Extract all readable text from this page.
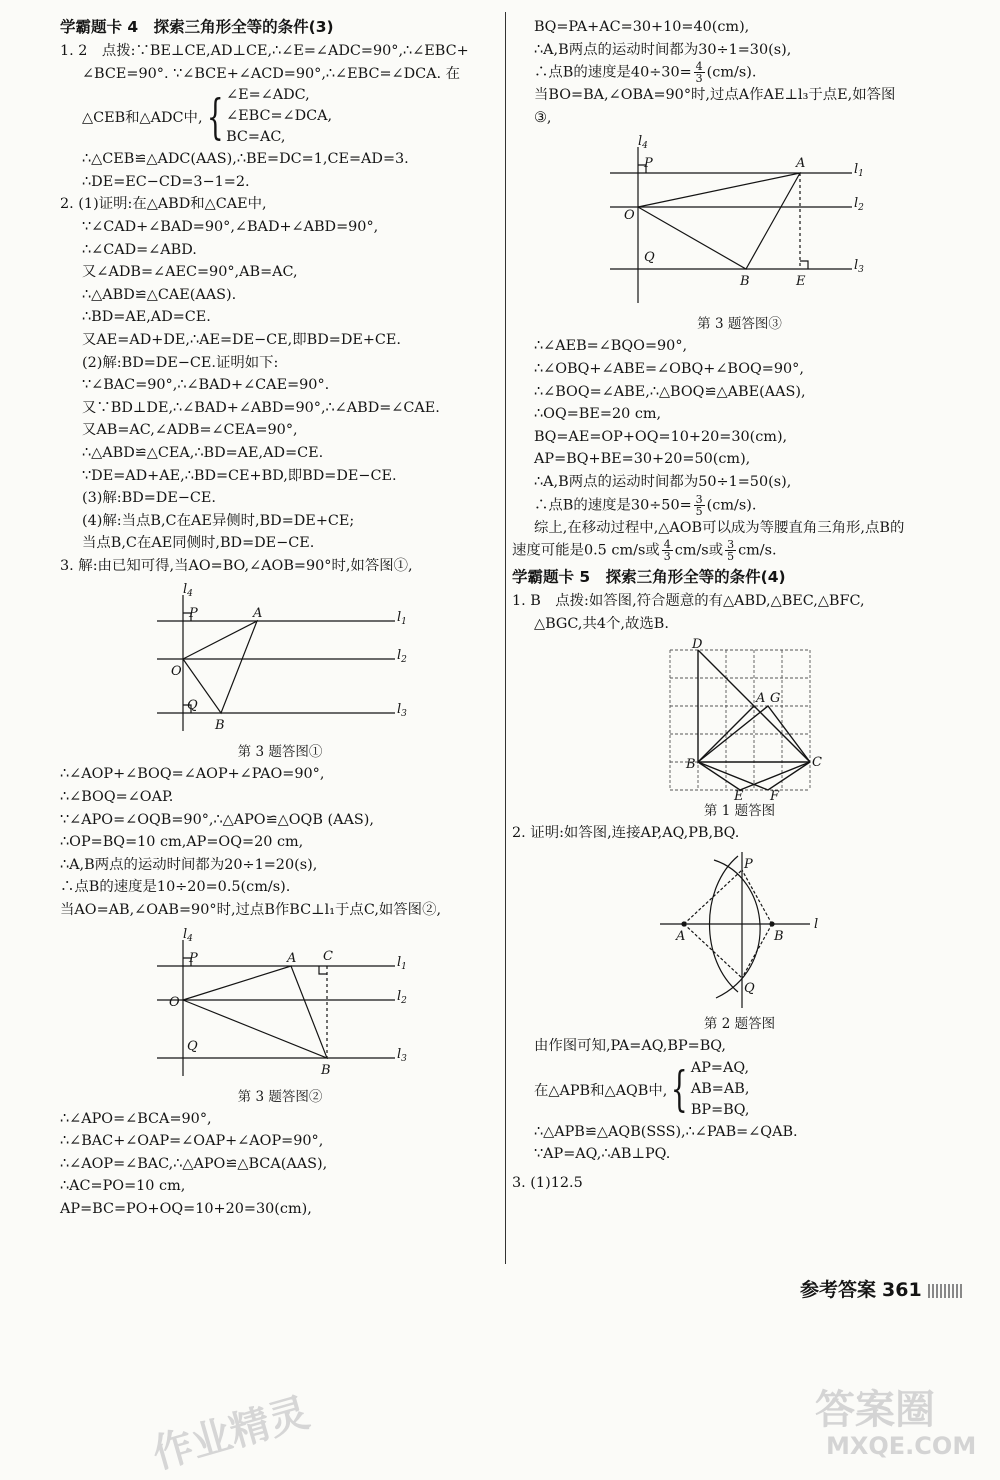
学霸题卡 4　探索三角形全等的条件(3)
1. 2　点拨:∵BE⊥CE,AD⊥CE,∴∠E=∠ADC=90°,∴∠EBC+
∠BCE=90°. ∵∠BCE+∠ACD=90°,∴∠EBC=∠DCA. 在
△CEB和△ADC中, { ∠E=∠ADC,
∠EBC=∠DCA,
BC=AC,
∴△CEB≌△ADC(AAS),∴BE=DC=1,CE=AD=3.
∴DE=EC−CD=3−1=2.
2. (1)证明:在△ABD和△CAE中,
∵∠CAD+∠BAD=90°,∠BAD+∠ABD=90°,
∴∠CAD=∠ABD.
又∠ADB=∠AEC=90°,AB=AC,
∴△ABD≌△CAE(AAS).
∴BD=AE,AD=CE.
又AE=AD+DE,∴AE=DE−CE,即BD=DE+CE.
(2)解:BD=DE−CE.证明如下:
∵∠BAC=90°,∴∠BAD+∠CAE=90°.
又∵BD⊥DE,∴∠BAD+∠ABD=90°,∴∠ABD=∠CAE.
又AB=AC,∠ADB=∠CEA=90°,
∴△ABD≌△CEA,∴BD=AE,AD=CE.
∵DE=AD+AE,∴BD=CE+BD,即BD=DE−CE.
(3)解:BD=DE−CE.
(4)解:当点B,C在AE异侧时,BD=DE+CE;
当点B,C在AE同侧时,BD=DE−CE.
3. 解:由已知可得,当AO=BO,∠AOB=90°时,如答图①,
$l_4$
$l_1$
$l_2$
$l_3$
P	A
O
Q
B
第 3 题答图①
∴∠AOP+∠BOQ=∠AOP+∠PAO=90°,
∴∠BOQ=∠OAP.
∵∠APO=∠OQB=90°,∴△APO≌△OQB (AAS),
∴OP=BQ=10 cm,AP=OQ=20 cm,
∴A,B两点的运动时间都为20÷1=20(s),
∴点B的速度是10÷20=0.5(cm/s).
当AO=AB,∠OAB=90°时,过点B作BC⊥l₁于点C,如答图②,
$l_4$
$l_1$
$l_2$
$l_3$
P	A C
O
Q
B
第 3 题答图②
∴∠APO=∠BCA=90°,
∴∠BAC+∠OAP=∠OAP+∠AOP=90°,
∴∠AOP=∠BAC,∴△APO≌△BCA(AAS),
∴AC=PO=10 cm,
AP=BC=PO+OQ=10+20=30(cm),
BQ=PA+AC=30+10=40(cm),
∴A,B两点的运动时间都为30÷1=30(s),
∴点B的速度是$40\div 30= \frac{4}{3} (cm/s)$.
当BO=BA,∠OBA=90°时,过点A作AE⊥l₃于点E,如答图
③,
$l_4$
$l_1$
$l_2$
$l_3$
P	A
O
Q
B	E
第 3 题答图③
∴∠AEB=∠BQO=90°,
∴∠OBQ+∠ABE=∠OBQ+∠BOQ=90°,
∴∠BOQ=∠ABE,∴△BOQ≌△ABE(AAS),
∴OQ=BE=20 cm,
BQ=AE=OP+OQ=10+20=30(cm),
AP=BQ+BE=30+20=50(cm),
∴A,B两点的运动时间都为50÷1=50(s),
∴点B的速度是$30\div 50= \frac{3}{5} (cm/s)$.
综上,在移动过程中,△AOB可以成为等腰直角三角形,点B的
速度可能是0.5 cm/s或 $\frac{4}{3} cm/s$或 $\frac{3}{5} cm/s$.
学霸题卡 5　探索三角形全等的条件(4)
1. B　点拨:如答图,符合题意的有△ABD,△BEC,△BFC,
△BGC,共4个,故选B.
D
A G
B	C
E F
第 1 题答图
2. 证明:如答图,连接AP,AQ,PB,BQ.
P
A	B
Q
l
第 2 题答图
由作图可知,PA=AQ,BP=BQ,
在△APB和△AQB中, { AP=AQ,
AB=AB,
BP=BQ,
∴△APB≌△AQB(SSS),∴∠PAB=∠QAB.
∵AP=AQ,∴AB⊥PQ.
3. (1)12.5
参考答案 361
作业精灵	答案圈
MXQE.COM
